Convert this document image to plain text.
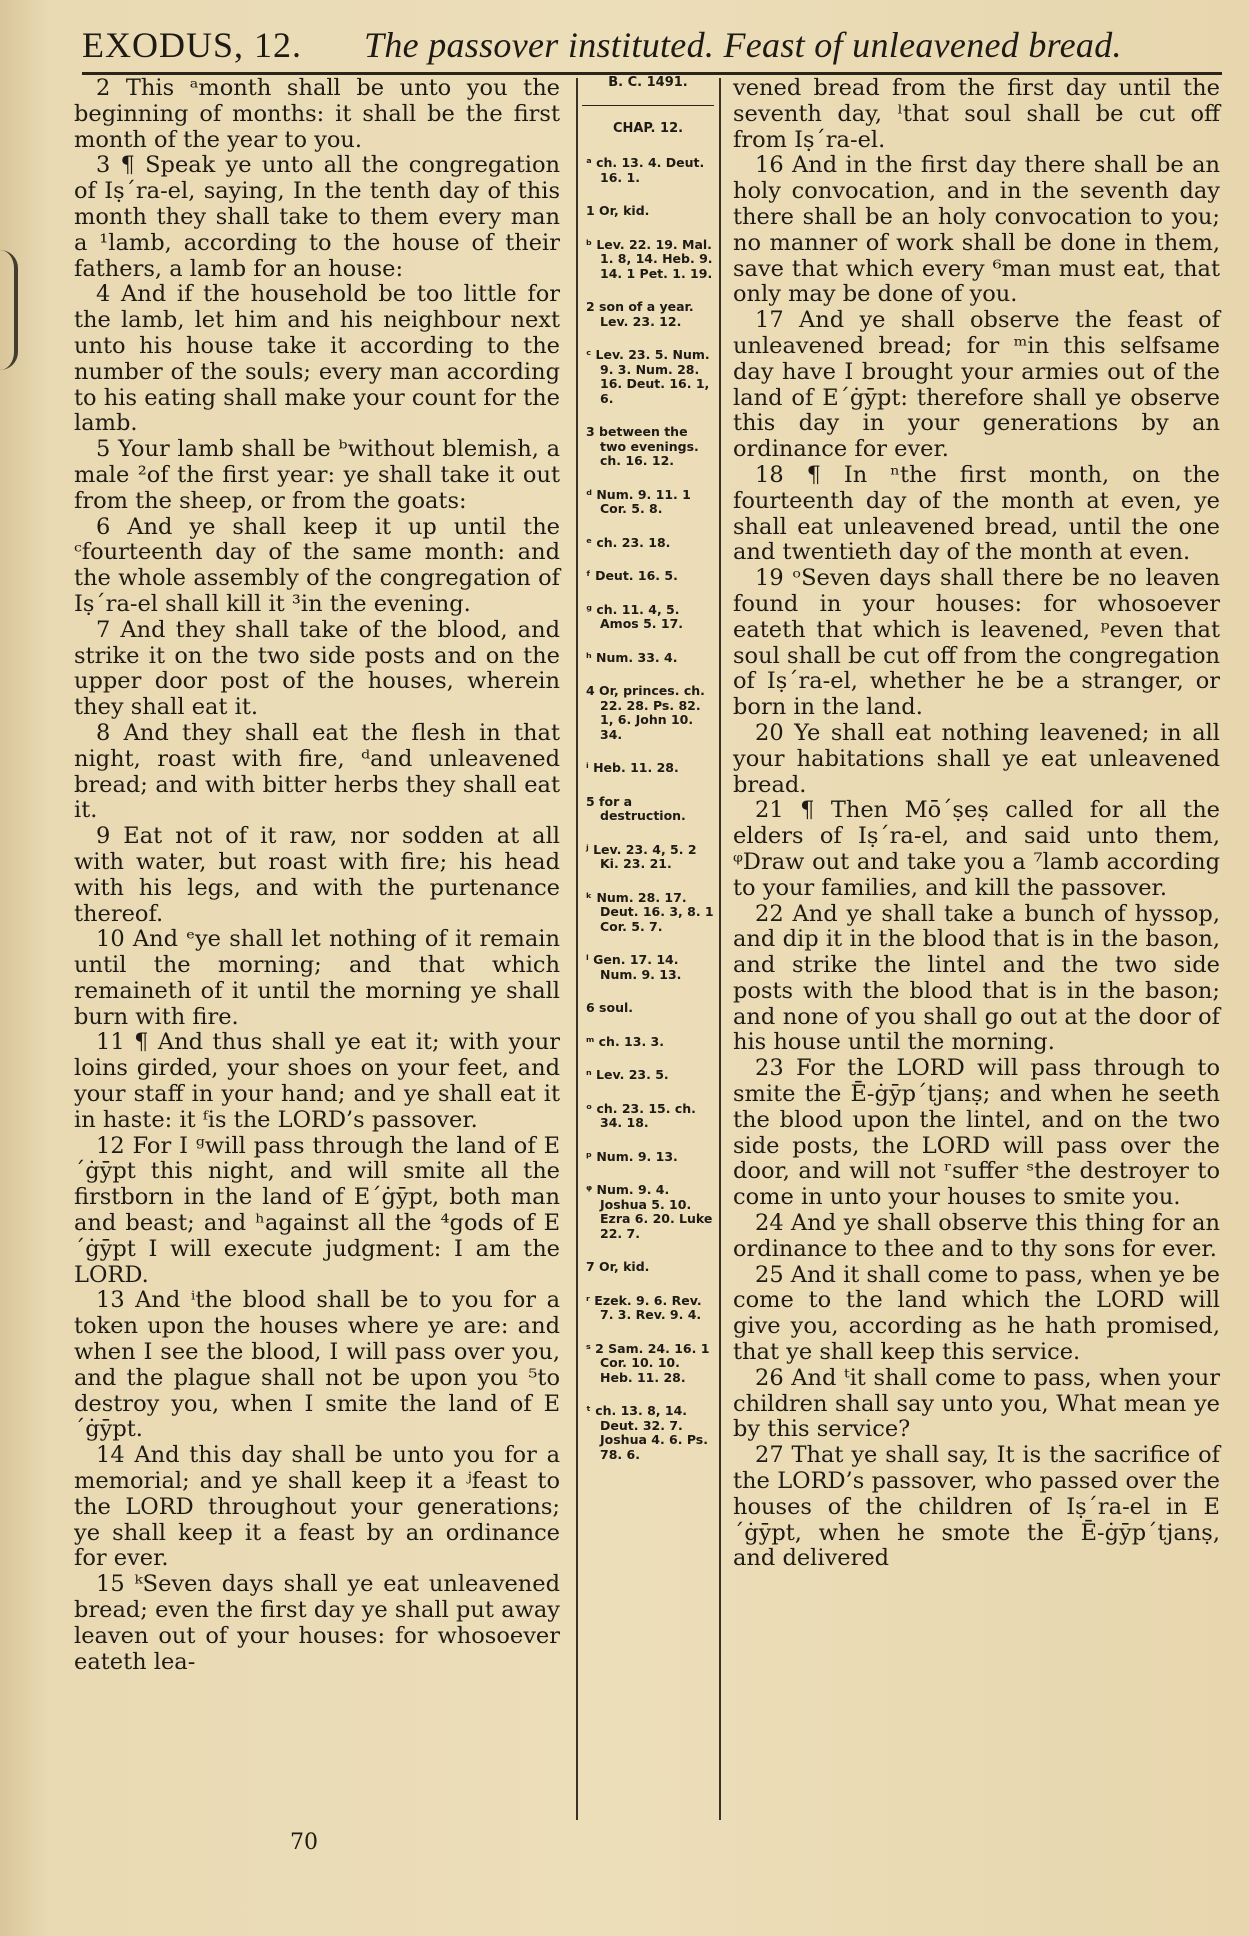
EXODUS, 12. The passover instituted. Feast of unleavened bread.

2 This ᵃmonth shall be unto you the beginning of months: it shall be the first month of the year to you.

3 ¶ Speak ye unto all the congregation of Iṣ´ra-el, saying, In the tenth day of this month they shall take to them every man a ¹lamb, according to the house of their fathers, a lamb for an house:

4 And if the household be too little for the lamb, let him and his neighbour next unto his house take it according to the number of the souls; every man according to his eating shall make your count for the lamb.

5 Your lamb shall be ᵇwithout blemish, a male ²of the first year: ye shall take it out from the sheep, or from the goats:

6 And ye shall keep it up until the ᶜfourteenth day of the same month: and the whole assembly of the congregation of Iṣ´ra-el shall kill it ³in the evening.

7 And they shall take of the blood, and strike it on the two side posts and on the upper door post of the houses, wherein they shall eat it.

8 And they shall eat the flesh in that night, roast with fire, ᵈand unleavened bread; and with bitter herbs they shall eat it.

9 Eat not of it raw, nor sodden at all with water, but roast with fire; his head with his legs, and with the purtenance thereof.

10 And ᵉye shall let nothing of it remain until the morning; and that which remaineth of it until the morning ye shall burn with fire.

11 ¶ And thus shall ye eat it; with your loins girded, your shoes on your feet, and your staff in your hand; and ye shall eat it in haste: it ᶠis the LORD’s passover.

12 For I ᵍwill pass through the land of E´ġȳpt this night, and will smite all the firstborn in the land of E´ġȳpt, both man and beast; and ʰagainst all the ⁴gods of E´ġȳpt I will execute judgment: I am the LORD.

13 And ⁱthe blood shall be to you for a token upon the houses where ye are: and when I see the blood, I will pass over you, and the plague shall not be upon you ⁵to destroy you, when I smite the land of E´ġȳpt.

14 And this day shall be unto you for a memorial; and ye shall keep it a ʲfeast to the LORD throughout your generations; ye shall keep it a feast by an ordinance for ever.

15 ᵏSeven days shall ye eat unleavened bread; even the first day ye shall put away leaven out of your houses: for whosoever eateth lea-

B. C. 1491.
CHAP. 12.
ᵃ ch. 13. 4. Deut. 16. 1.
1 Or, kid.
ᵇ Lev. 22. 19. Mal. 1. 8, 14. Heb. 9. 14. 1 Pet. 1. 19.
2 son of a year. Lev. 23. 12.
ᶜ Lev. 23. 5. Num. 9. 3. Num. 28. 16. Deut. 16. 1, 6.
3 between the two evenings. ch. 16. 12.
ᵈ Num. 9. 11. 1 Cor. 5. 8.
ᵉ ch. 23. 18.
ᶠ Deut. 16. 5.
ᵍ ch. 11. 4, 5. Amos 5. 17.
ʰ Num. 33. 4.
4 Or, princes. ch. 22. 28. Ps. 82. 1, 6. John 10. 34.
ⁱ Heb. 11. 28.
5 for a destruction.
ʲ Lev. 23. 4, 5. 2 Ki. 23. 21.
ᵏ Num. 28. 17. Deut. 16. 3, 8. 1 Cor. 5. 7.
ˡ Gen. 17. 14. Num. 9. 13.
6 soul.
ᵐ ch. 13. 3.
ⁿ Lev. 23. 5.
ᵒ ch. 23. 15. ch. 34. 18.
ᵖ Num. 9. 13.
ᵠ Num. 9. 4. Joshua 5. 10. Ezra 6. 20. Luke 22. 7.
7 Or, kid.
ʳ Ezek. 9. 6. Rev. 7. 3. Rev. 9. 4.
ˢ 2 Sam. 24. 16. 1 Cor. 10. 10. Heb. 11. 28.
ᵗ ch. 13. 8, 14. Deut. 32. 7. Joshua 4. 6. Ps. 78. 6.

vened bread from the first day until the seventh day, ˡthat soul shall be cut off from Iṣ´ra-el.

16 And in the first day there shall be an holy convocation, and in the seventh day there shall be an holy convocation to you; no manner of work shall be done in them, save that which every ⁶man must eat, that only may be done of you.

17 And ye shall observe the feast of unleavened bread; for ᵐin this selfsame day have I brought your armies out of the land of E´ġȳpt: therefore shall ye observe this day in your generations by an ordinance for ever.

18 ¶ In ⁿthe first month, on the fourteenth day of the month at even, ye shall eat unleavened bread, until the one and twentieth day of the month at even.

19 ᵒSeven days shall there be no leaven found in your houses: for whosoever eateth that which is leavened, ᵖeven that soul shall be cut off from the congregation of Iṣ´ra-el, whether he be a stranger, or born in the land.

20 Ye shall eat nothing leavened; in all your habitations shall ye eat unleavened bread.

21 ¶ Then Mō´ṣeṣ called for all the elders of Iṣ´ra-el, and said unto them, ᵠDraw out and take you a ⁷lamb according to your families, and kill the passover.

22 And ye shall take a bunch of hyssop, and dip it in the blood that is in the bason, and strike the lintel and the two side posts with the blood that is in the bason; and none of you shall go out at the door of his house until the morning.

23 For the LORD will pass through to smite the Ē-ġȳp´tjanṣ; and when he seeth the blood upon the lintel, and on the two side posts, the LORD will pass over the door, and will not ʳsuffer ˢthe destroyer to come in unto your houses to smite you.

24 And ye shall observe this thing for an ordinance to thee and to thy sons for ever.

25 And it shall come to pass, when ye be come to the land which the LORD will give you, according as he hath promised, that ye shall keep this service.

26 And ᵗit shall come to pass, when your children shall say unto you, What mean ye by this service?

27 That ye shall say, It is the sacrifice of the LORD’s passover, who passed over the houses of the children of Iṣ´ra-el in E´ġȳpt, when he smote the Ē-ġȳp´tjanṣ, and delivered

70
